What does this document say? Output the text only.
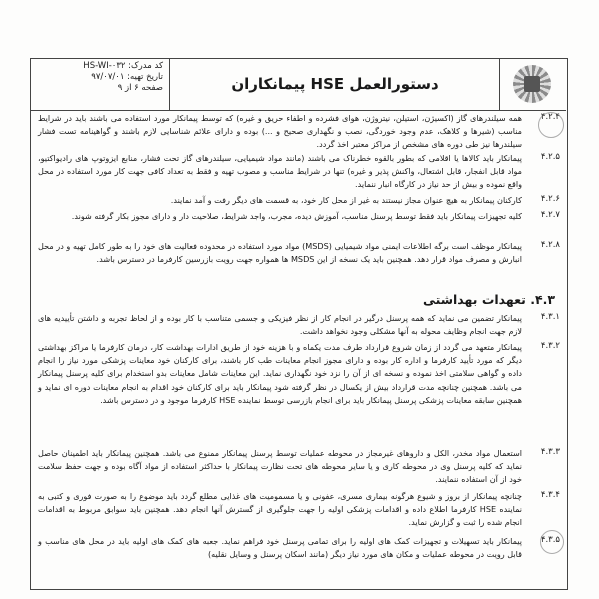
کد مدرک: HS-WI-۰۳۲
تاریخ تهیه: ۹۷/۰۷/۰۱
صفحه ۶ از ۹	دستورالعمل HSE پیمانکاران
۴.۲.۴
همه سیلندرهای گاز (اکسیژن، استیلن، نیتروژن، هوای فشرده و اطفاء حریق و غیره) که توسط پیمانکار مورد استفاده می باشند باید در شرایط مناسب (شیرها و کلاهک، عدم وجود خوردگی، نصب و نگهداری صحیح و ...) بوده و دارای علائم شناسایی لازم باشند و گواهینامه تست فشار سیلندرها نیز طی دوره های مشخص از مراکز معتبر اخذ گردد.
۴.۲.۵
پیمانکار باید کالاها یا اقلامی که بطور بالقوه خطرناک می باشند (مانند مواد شیمیایی، سیلندرهای گاز تحت فشار، منابع ایزوتوپ های رادیواکتیو، مواد قابل انفجار، قابل اشتعال، واکنش پذیر و غیره) تنها در شرایط مناسب و مصوب تهیه و فقط به تعداد کافی جهت کار مورد استفاده در محل واقع نموده و بیش از حد نیاز در کارگاه انبار ننماید.
۴.۲.۶
کارکنان پیمانکار به هیچ عنوان مجاز نیستند به غیر از محل کار خود، به قسمت های دیگر رفت و آمد نمایند.
۴.۲.۷
کلیه تجهیزات پیمانکار باید فقط توسط پرسنل مناسب، آموزش دیده، مجرب، واجد شرایط، صلاحیت دار و دارای مجوز بکار گرفته شوند.
۴.۲.۸
پیمانکار موظف است برگه اطلاعات ایمنی مواد شیمیایی (MSDS) مواد مورد استفاده در محدوده فعالیت های خود را به طور کامل تهیه و در محل انبارش و مصرف مواد قرار دهد. همچنین باید یک نسخه از این MSDS ها همواره جهت رویت بازرسین کارفرما در دسترس باشد.
۴.۳. تعهدات بهداشتی
۴.۳.۱
پیمانکار تضمین می نماید که همه پرسنل درگیر در انجام کار از نظر فیزیکی و جسمی متناسب با کار بوده و از لحاظ تجربه و داشتن تأییدیه های لازم جهت انجام وظایف محوله به آنها مشکلی وجود نخواهد داشت.
۴.۳.۲
پیمانکار متعهد می گردد از زمان شروع قرارداد طرف مدت یکماه و با هزینه خود از طریق ادارات بهداشت کار، درمان کارفرما یا مراکز بهداشتی دیگر که مورد تأیید کارفرما و اداره کار بوده و دارای مجوز انجام معاینات طب کار باشند، برای کارکنان خود معاینات پزشکی مورد نیاز را انجام داده و گواهی سلامتی اخذ نموده و نسخه ای از آن را نزد خود نگهداری نماید. این معاینات شامل معاینات بدو استخدام برای کلیه پرسنل پیمانکار می باشد. همچنین چنانچه مدت قرارداد بیش از یکسال در نظر گرفته شود پیمانکار باید برای کارکنان خود اقدام به انجام معاینات دوره ای نماید و همچنین سابقه معاینات پزشکی پرسنل پیمانکار باید برای انجام بازرسی توسط نماینده HSE کارفرما موجود و در دسترس باشد.
۴.۳.۳
استعمال مواد مخدر، الکل و داروهای غیرمجاز در محوطه عملیات توسط پرسنل پیمانکار ممنوع می باشد. همچنین پیمانکار باید اطمینان حاصل نماید که کلیه پرسنل وی در محوطه کاری و یا سایر محوطه های تحت نظارت پیمانکار با حداکثر استفاده از مواد آگاه بوده و جهت حفظ سلامت خود از آن استفاده ننمایند.
۴.۳.۴
چنانچه پیمانکار از بروز و شیوع هرگونه بیماری مسری، عفونی و یا مسمومیت های غذایی مطلع گردد باید موضوع را به صورت فوری و کتبی به نماینده HSE کارفرما اطلاع داده و اقدامات پزشکی اولیه را جهت جلوگیری از گسترش آنها انجام دهد. همچنین باید سوابق مربوط به اقدامات انجام شده را ثبت و گزارش نماید.
۴.۳.۵
پیمانکار باید تسهیلات و تجهیزات کمک های اولیه را برای تمامی پرسنل خود فراهم نماید. جعبه های کمک های اولیه باید در محل های مناسب و قابل رویت در محوطه عملیات و مکان های مورد نیاز دیگر (مانند اسکان پرسنل و وسایل نقلیه)
